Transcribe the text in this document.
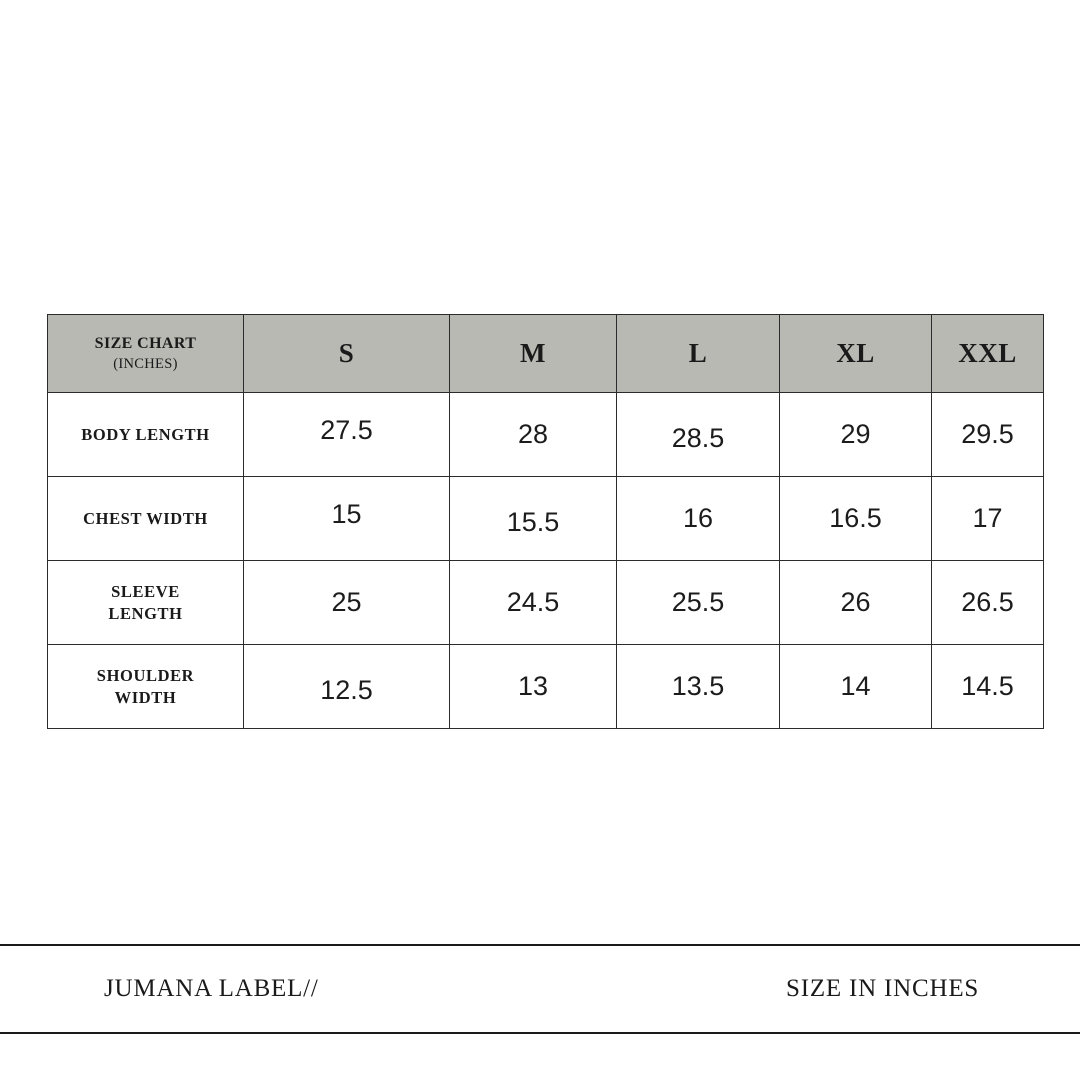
SIZE CHART
(INCHES)	S	M	L	XL	XXL
BODY LENGTH	27.5	28	28.5	29	29.5
CHEST WIDTH	15	15.5	16	16.5	17
SLEEVE
LENGTH	25	24.5	25.5	26	26.5
SHOULDER
WIDTH	12.5	13	13.5	14	14.5
JUMANA LABEL//	SIZE IN INCHES
